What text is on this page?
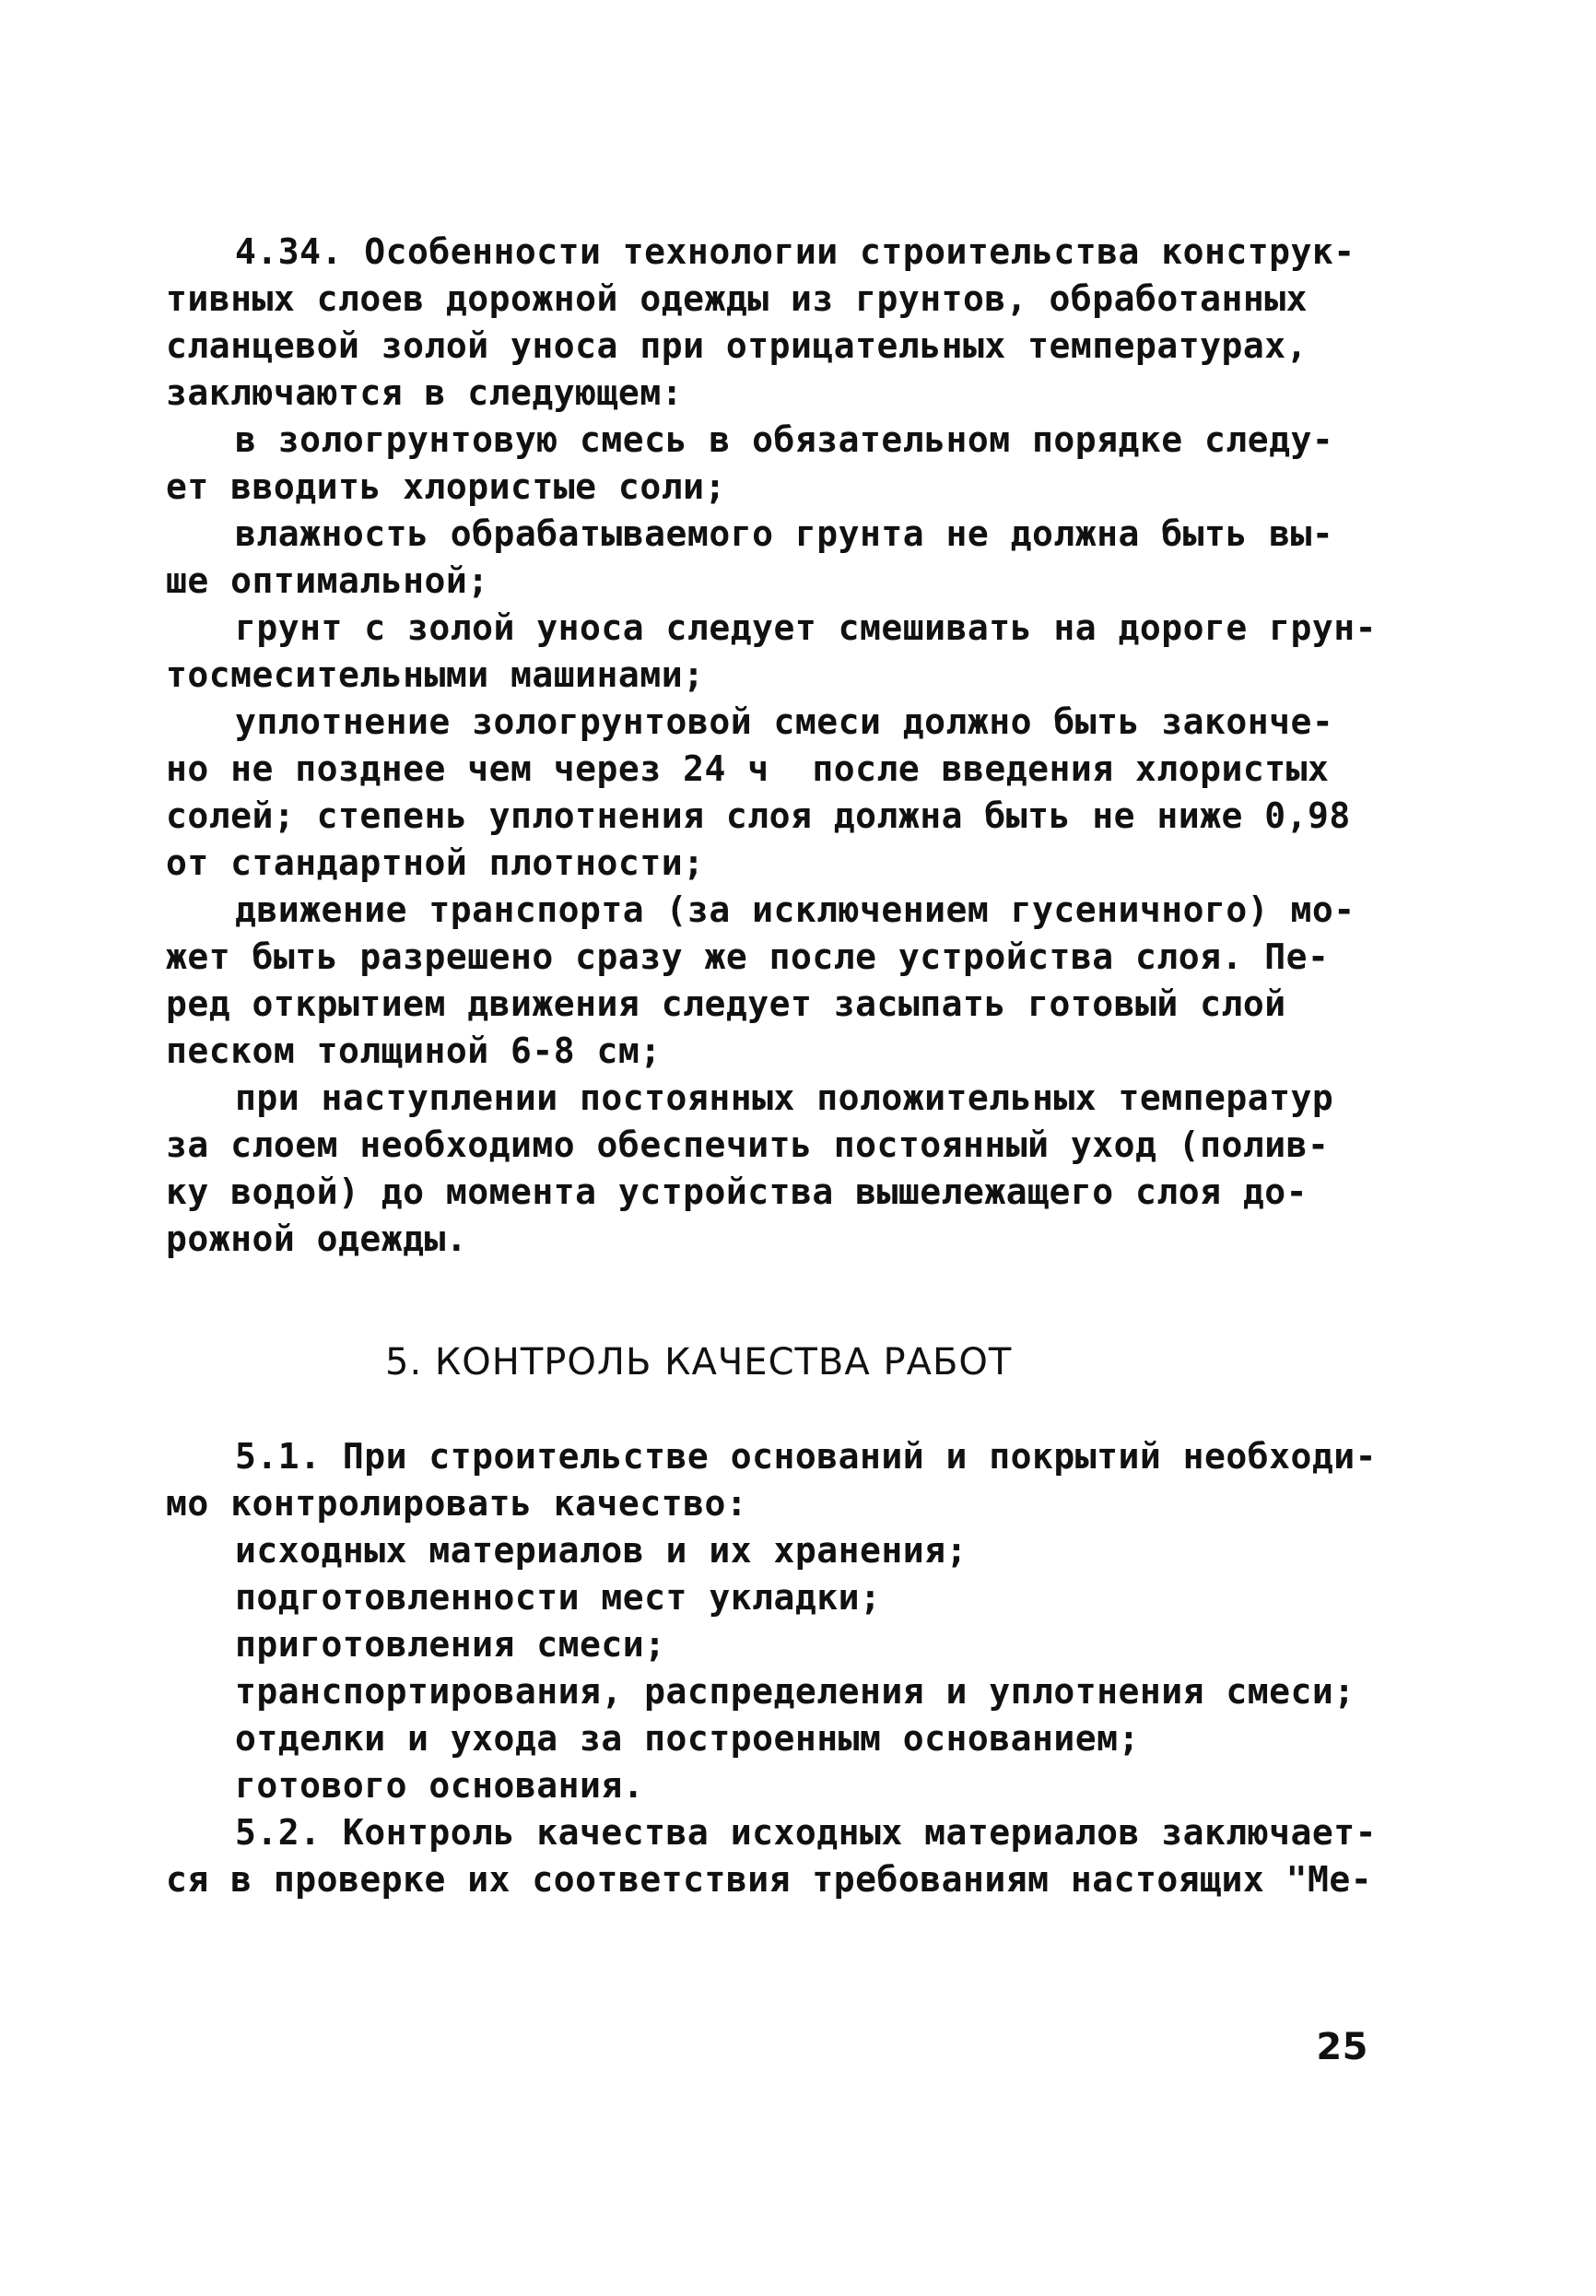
4.34. Особенности технологии строительства конструк-
тивных слоев дорожной одежды из грунтов, обработанных
сланцевой золой уноса при отрицательных температурах,
заключаются в следующем:
в зологрунтовую смесь в обязательном порядке следу-
ет вводить хлористые соли;
влажность обрабатываемого грунта не должна быть вы-
ше оптимальной;
грунт с золой уноса следует смешивать на дороге грун-
тосмесительными машинами;
уплотнение зологрунтовой смеси должно быть законче-
но не позднее чем через 24 ч  после введения хлористых
солей; степень уплотнения слоя должна быть не ниже 0,98
от стандартной плотности;
движение транспорта (за исключением гусеничного) мо-
жет быть разрешено сразу же после устройства слоя. Пе-
ред открытием движения следует засыпать готовый слой
песком толщиной 6-8 см;
при наступлении постоянных положительных температур
за слоем необходимо обеспечить постоянный уход (полив-
ку водой) до момента устройства вышележащего слоя до-
рожной одежды.
5. КОНТРОЛЬ КАЧЕСТВА РАБОТ
5.1. При строительстве оснований и покрытий необходи-
мо контролировать качество:
исходных материалов и их хранения;
подготовленности мест укладки;
приготовления смеси;
транспортирования, распределения и уплотнения смеси;
отделки и ухода за построенным основанием;
готового основания.
5.2. Контроль качества исходных материалов заключает-
ся в проверке их соответствия требованиям настоящих "Ме-
25
